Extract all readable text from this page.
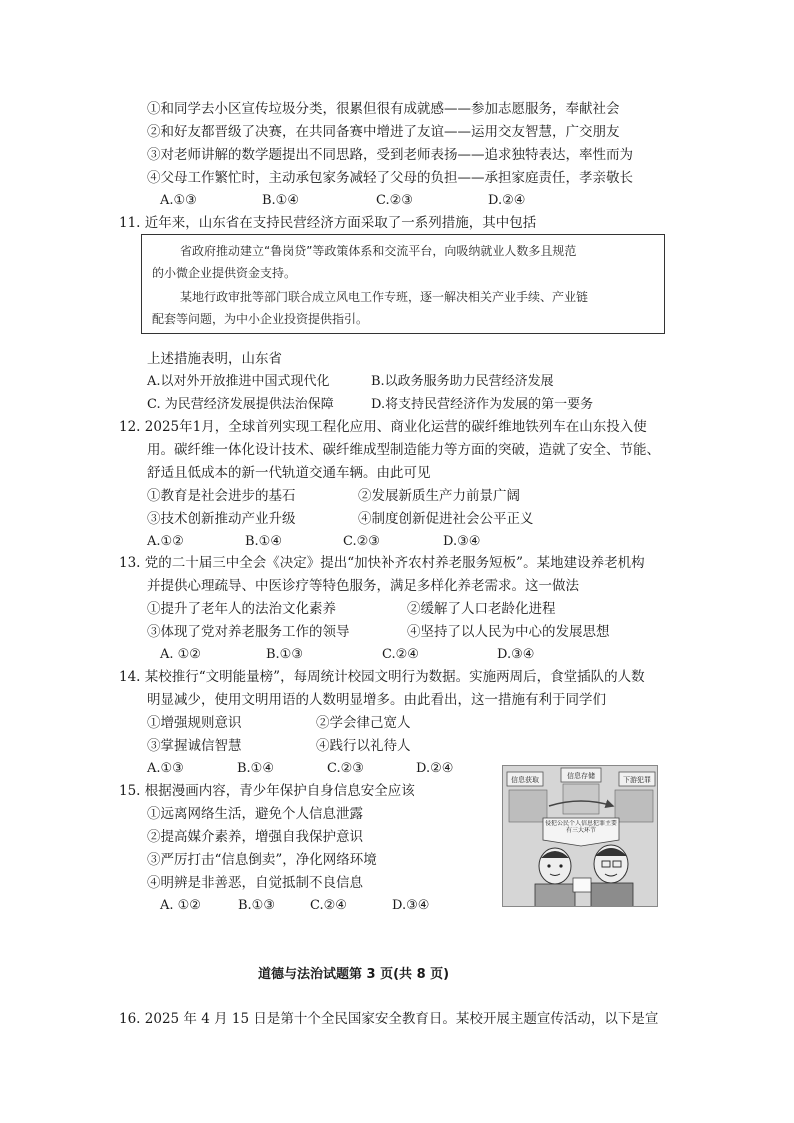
①和同学去小区宣传垃圾分类，很累但很有成就感——参加志愿服务，奉献社会
②和好友都晋级了决赛，在共同备赛中增进了友谊——运用交友智慧，广交朋友
③对老师讲解的数学题提出不同思路，受到老师表扬——追求独特表达，率性而为
④父母工作繁忙时，主动承包家务减轻了父母的负担——承担家庭责任，孝亲敬长
A.①③	B.①④	C.②③	D.②④
11. 近年来，山东省在支持民营经济方面采取了一系列措施，其中包括
省政府推动建立“鲁岗贷”等政策体系和交流平台，向吸纳就业人数多且规范
的小微企业提供资金支持。
某地行政审批等部门联合成立风电工作专班，逐一解决相关产业手续、产业链
配套等问题，为中小企业投资提供指引。
上述措施表明，山东省
A.以对外开放推进中国式现代化	B.以政务服务助力民营经济发展
C. 为民营经济发展提供法治保障	D.将支持民营经济作为发展的第一要务
12. 2025年1月，全球首列实现工程化应用、商业化运营的碳纤维地铁列车在山东投入使
用。碳纤维一体化设计技术、碳纤维成型制造能力等方面的突破，造就了安全、节能、
舒适且低成本的新一代轨道交通车辆。由此可见
①教育是社会进步的基石	②发展新质生产力前景广阔
③技术创新推动产业升级	④制度创新促进社会公平正义
A.①②	B.①④	C.②③	D.③④
13. 党的二十届三中全会《决定》提出“加快补齐农村养老服务短板”。某地建设养老机构
并提供心理疏导、中医诊疗等特色服务，满足多样化养老需求。这一做法
①提升了老年人的法治文化素养	②缓解了人口老龄化进程
③体现了党对养老服务工作的领导	④坚持了以人民为中心的发展思想
A. ①②	B.①③	C.②④	D.③④
14. 某校推行“文明能量榜”，每周统计校园文明行为数据。实施两周后，食堂插队的人数
明显减少，使用文明用语的人数明显增多。由此看出，这一措施有利于同学们
①增强规则意识	②学会律己宽人
③掌握诚信智慧	④践行以礼待人
A.①③	B.①④	C.②③	D.②④
15. 根据漫画内容，青少年保护自身信息安全应该
①远离网络生活，避免个人信息泄露
②提高媒介素养，增强自我保护意识
③严厉打击“信息倒卖”，净化网络环境
④明辨是非善恶，自觉抵制不良信息
A. ①②	B.①③	C.②④	D.③④
信息获取	信息存储	下游犯罪
侵犯公民个人信息犯罪主要有三大环节
道德与法治试题第 3 页(共 8 页)
16. 2025 年 4 月 15 日是第十个全民国家安全教育日。某校开展主题宣传活动，以下是宣
